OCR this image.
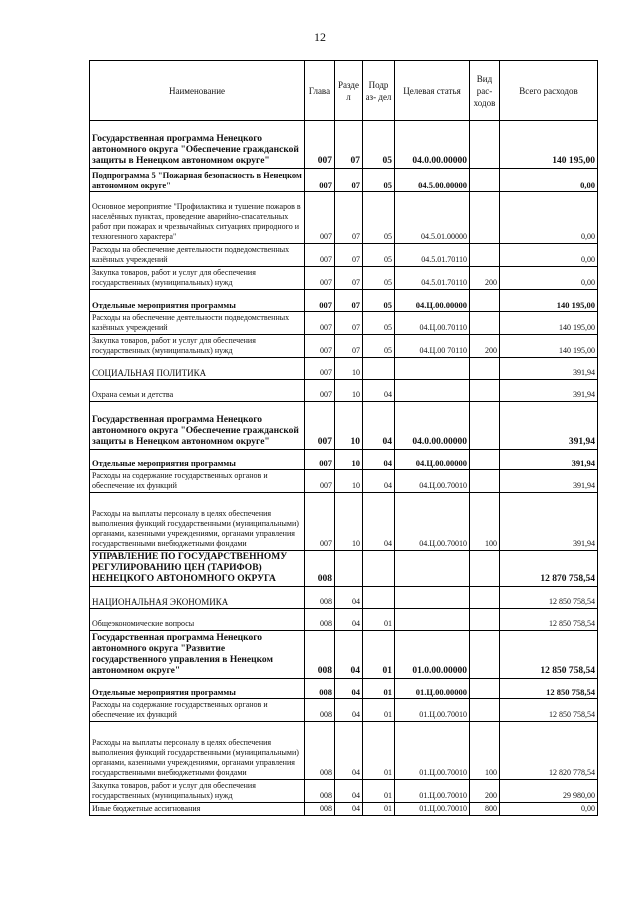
12
Наименование	Глава	Разде л	Подр аз- дел	Целевая статья	Вид рас- ходов	Всего расходов
Государственная программа Ненецкого автономного округа "Обеспечение гражданской защиты в Ненецком автономном округе"	007	07	05	04.0.00.00000		140 195,00
Подпрограмма 5 "Пожарная безопасность в Ненецком автономном округе"	007	07	05	04.5.00.00000		0,00
Основное мероприятие "Профилактика и тушение пожаров в населённых пунктах, проведение аварийно-спасательных работ при пожарах и чрезвычайных ситуациях природного и техногенного характера"	007	07	05	04.5.01.00000		0,00
Расходы на обеспечение деятельности подведомственных казённых учреждений	007	07	05	04.5.01.70110		0,00
Закупка товаров, работ и услуг для обеспечения государственных (муниципальных) нужд	007	07	05	04.5.01.70110	200	0,00
Отдельные мероприятия программы	007	07	05	04.Ц.00.00000		140 195,00
Расходы на обеспечение деятельности подведомственных казённых учреждений	007	07	05	04.Ц.00.70110		140 195,00
Закупка товаров, работ и услуг для обеспечения государственных (муниципальных) нужд	007	07	05	04.Ц.00 70110	200	140 195,00
СОЦИАЛЬНАЯ ПОЛИТИКА	007	10				391,94
Охрана семьи и детства	007	10	04			391,94
Государственная программа Ненецкого автономного округа "Обеспечение гражданской защиты в Ненецком автономном округе"	007	10	04	04.0.00.00000		391,94
Отдельные мероприятия программы	007	10	04	04.Ц.00.00000		391,94
Расходы на содержание государственных органов и обеспечение их функций	007	10	04	04.Ц.00.70010		391,94
Расходы на выплаты персоналу в целях обеспечения выполнения функций государственными (муниципальными) органами, казенными учреждениями, органами управления государственными внебюджетными фондами	007	10	04	04.Ц.00.70010	100	391,94
УПРАВЛЕНИЕ ПО ГОСУДАРСТВЕННОМУ РЕГУЛИРОВАНИЮ ЦЕН (ТАРИФОВ) НЕНЕЦКОГО АВТОНОМНОГО ОКРУГА	008					12 870 758,54
НАЦИОНАЛЬНАЯ ЭКОНОМИКА	008	04				12 850 758,54
Общеэкономические вопросы	008	04	01			12 850 758,54
Государственная программа Ненецкого автономного округа "Развитие государственного управления в Ненецком автономном округе"	008	04	01	01.0.00.00000		12 850 758,54
Отдельные мероприятия программы	008	04	01	01.Ц.00.00000		12 850 758,54
Расходы на содержание государственных органов и обеспечение их функций	008	04	01	01.Ц.00.70010		12 850 758,54
Расходы на выплаты персоналу в целях обеспечения выполнения функций государственными (муниципальными) органами, казенными учреждениями, органами управления государственными внебюджетными фондами	008	04	01	01.Ц.00.70010	100	12 820 778,54
Закупка товаров, работ и услуг для обеспечения государственных (муниципальных) нужд	008	04	01	01.Ц.00.70010	200	29 980,00
Иные бюджетные ассигнования	008	04	01	01.Ц.00.70010	800	0,00
